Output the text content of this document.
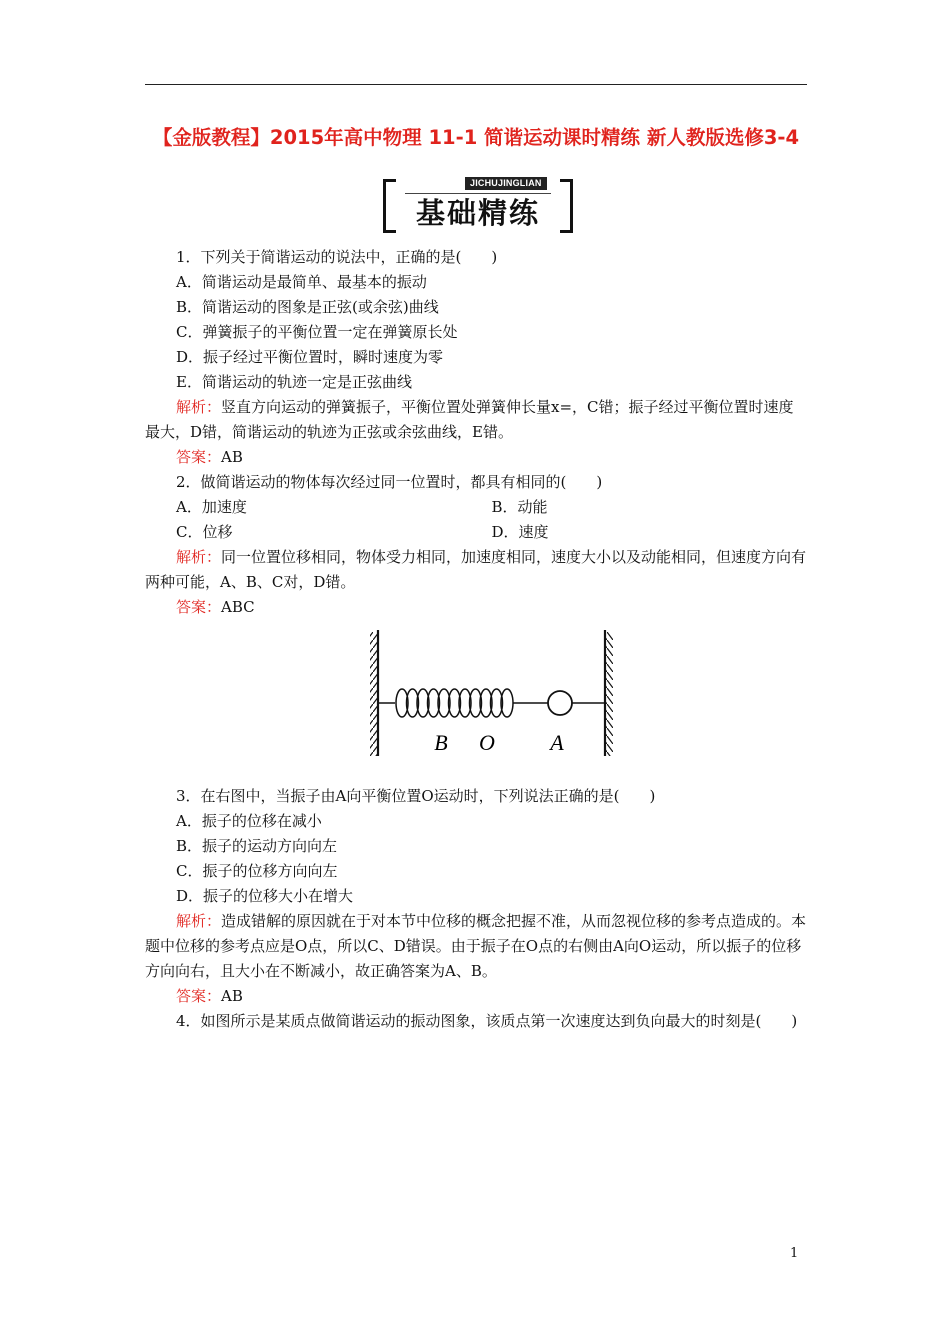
【金版教程】2015年高中物理 11-1 简谐运动课时精练 新人教版选修3-4
JICHUJINGLIAN
基础精练

1．下列关于简谐运动的说法中，正确的是(　　)

A．简谐运动是最简单、最基本的振动

B．简谐运动的图象是正弦(或余弦)曲线

C．弹簧振子的平衡位置一定在弹簧原长处

D．振子经过平衡位置时，瞬时速度为零

E．简谐运动的轨迹一定是正弦曲线

解析：竖直方向运动的弹簧振子，平衡位置处弹簧伸长量x=，C错；振子经过平衡位置时速度最大，D错，简谐运动的轨迹为正弦或余弦曲线，E错。

答案：AB

2．做简谐运动的物体每次经过同一位置时，都具有相同的(　　)

A．加速度	B．动能
C．位移	D．速度

解析：同一位置位移相同，物体受力相同，加速度相同，速度大小以及动能相同，但速度方向有两种可能，A、B、C对，D错。

答案：ABC

B O	A

3．在右图中，当振子由A向平衡位置O运动时，下列说法正确的是(　　)

A．振子的位移在减小

B．振子的运动方向向左

C．振子的位移方向向左

D．振子的位移大小在增大

解析：造成错解的原因就在于对本节中位移的概念把握不准，从而忽视位移的参考点造成的。本题中位移的参考点应是O点，所以C、D错误。由于振子在O点的右侧由A向O运动，所以振子的位移方向向右，且大小在不断减小，故正确答案为A、B。

答案：AB

4．如图所示是某质点做简谐运动的振动图象，该质点第一次速度达到负向最大的时刻是(　　)

1
